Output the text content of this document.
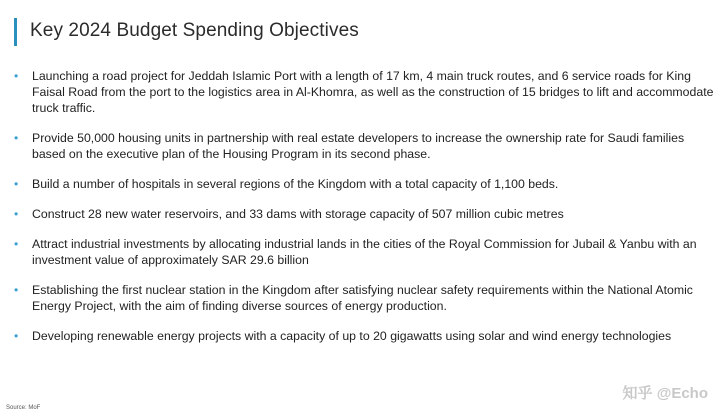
Key 2024 Budget Spending Objectives
• Launching a road project for Jeddah Islamic Port with a length of 17 km, 4 main truck routes, and 6 service roads for King Faisal Road from the port to the logistics area in Al-Khomra, as well as the construction of 15 bridges to lift and accommodate truck traffic.
• Provide 50,000 housing units in partnership with real estate developers to increase the ownership rate for Saudi families based on the executive plan of the Housing Program in its second phase.
• Build a number of hospitals in several regions of the Kingdom with a total capacity of 1,100 beds.
• Construct 28 new water reservoirs, and 33 dams with storage capacity of 507 million cubic metres
• Attract industrial investments by allocating industrial lands in the cities of the Royal Commission for Jubail & Yanbu with an investment value of approximately SAR 29.6 billion
• Establishing the first nuclear station in the Kingdom after satisfying nuclear safety requirements within the National Atomic Energy Project, with the aim of finding diverse sources of energy production.
• Developing renewable energy projects with a capacity of up to 20 gigawatts using solar and wind energy technologies
Source: MoF
知乎 @Echo
